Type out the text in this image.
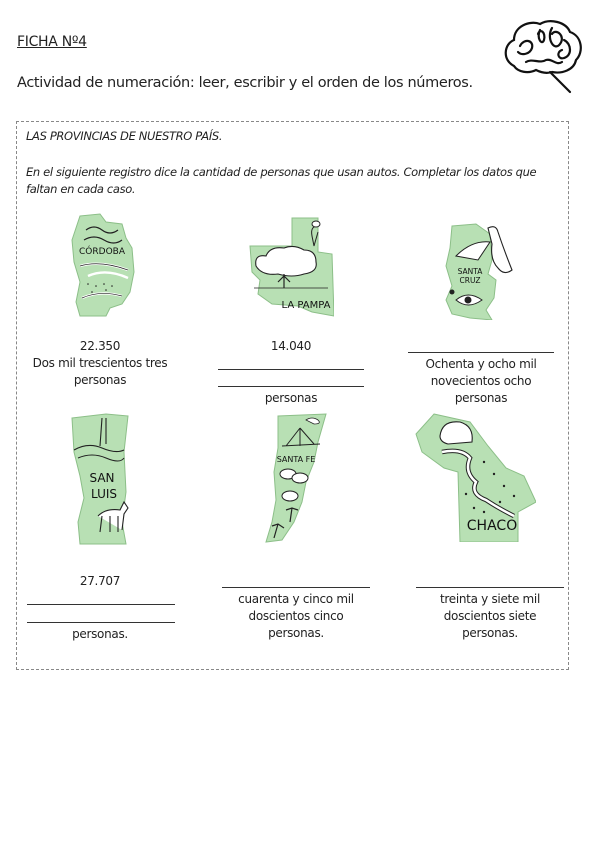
FICHA Nº4
Actividad de numeración: leer, escribir y el orden de los números.
LAS PROVINCIAS DE NUESTRO PAÍS.
En el siguiente registro dice la cantidad de personas que usan autos. Completar los datos que faltan en cada caso.
CÓRDOBA
LA PAMPA
SANTA
CRUZ
SAN
LUIS
SANTA FE
CHACO
22.350
Dos mil trescientos tres
personas
14.040
personas
Ochenta y ocho mil
novecientos ocho
personas
27.707
personas.
cuarenta y cinco mil
doscientos cinco
personas.
treinta y siete mil
doscientos siete
personas.
